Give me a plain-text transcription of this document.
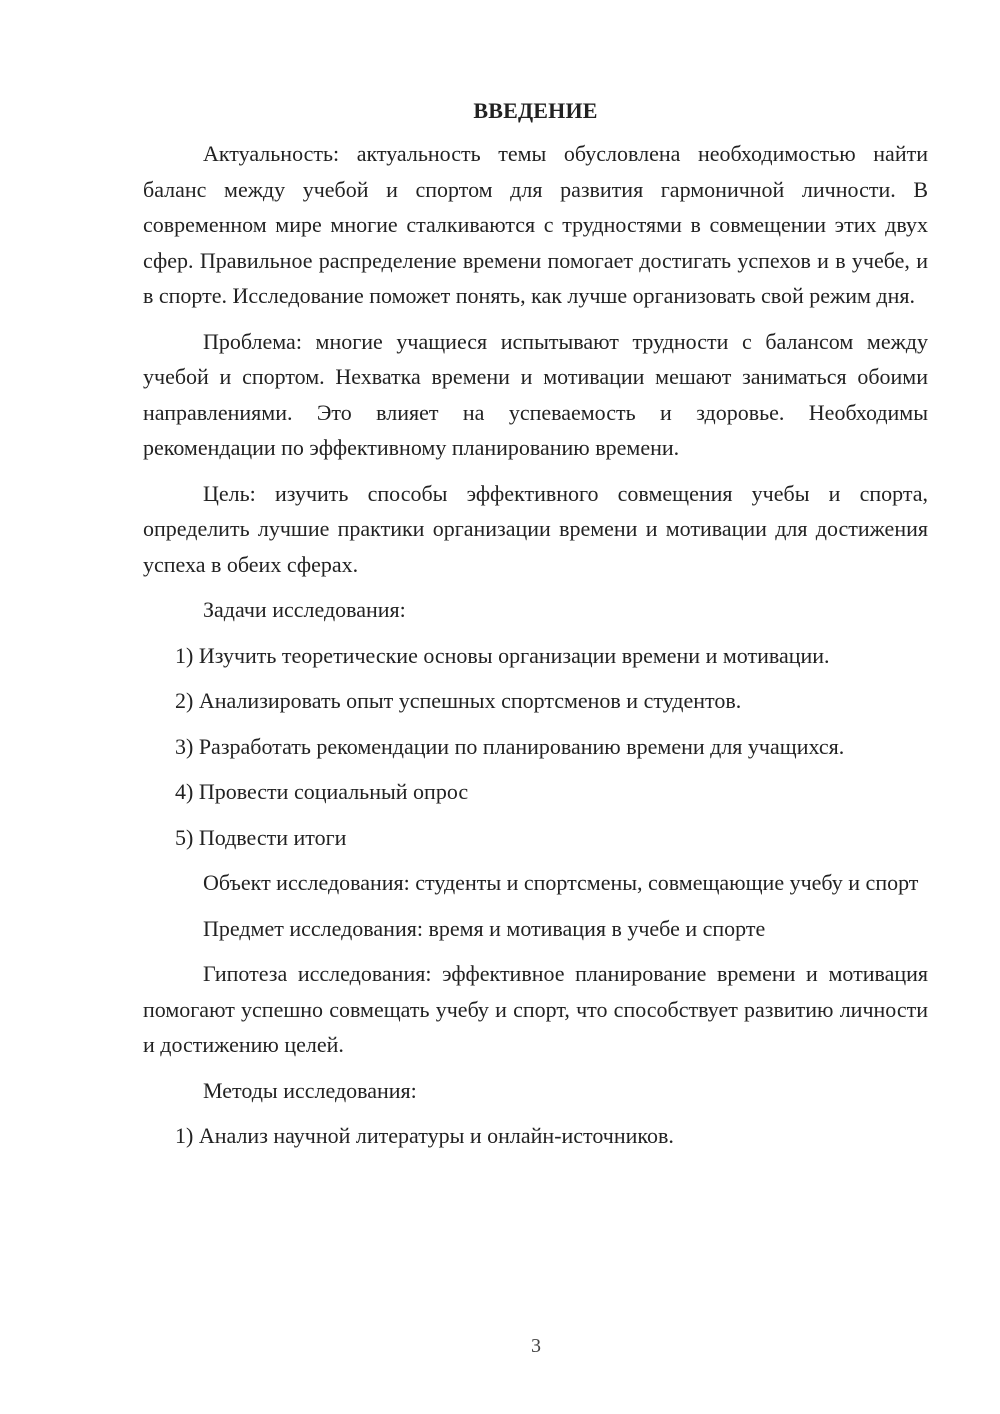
ВВЕДЕНИЕ

Актуальность: актуальность темы обусловлена необходимостью найти баланс между учебой и спортом для развития гармоничной личности. В современном мире многие сталкиваются с трудностями в совмещении этих двух сфер. Правильное распределение времени помогает достигать успехов и в учебе, и в спорте. Исследование поможет понять, как лучше организовать свой режим дня.

Проблема: многие учащиеся испытывают трудности с балансом между учебой и спортом. Нехватка времени и мотивации мешают заниматься обоими направлениями. Это влияет на успеваемость и здоровье. Необходимы рекомендации по эффективному планированию времени.

Цель: изучить способы эффективного совмещения учебы и спорта, определить лучшие практики организации времени и мотивации для достижения успеха в обеих сферах.

Задачи исследования:

1) Изучить теоретические основы организации времени и мотивации.

2) Анализировать опыт успешных спортсменов и студентов.

3) Разработать рекомендации по планированию времени для учащихся.

4) Провести социальный опрос

5) Подвести итоги

Объект исследования: студенты и спортсмены, совмещающие учебу и спорт

Предмет исследования: время и мотивация в учебе и спорте

Гипотеза исследования: эффективное планирование времени и мотивация помогают успешно совмещать учебу и спорт, что способствует развитию личности и достижению целей.

Методы исследования:

1) Анализ научной литературы и онлайн-источников.

3
